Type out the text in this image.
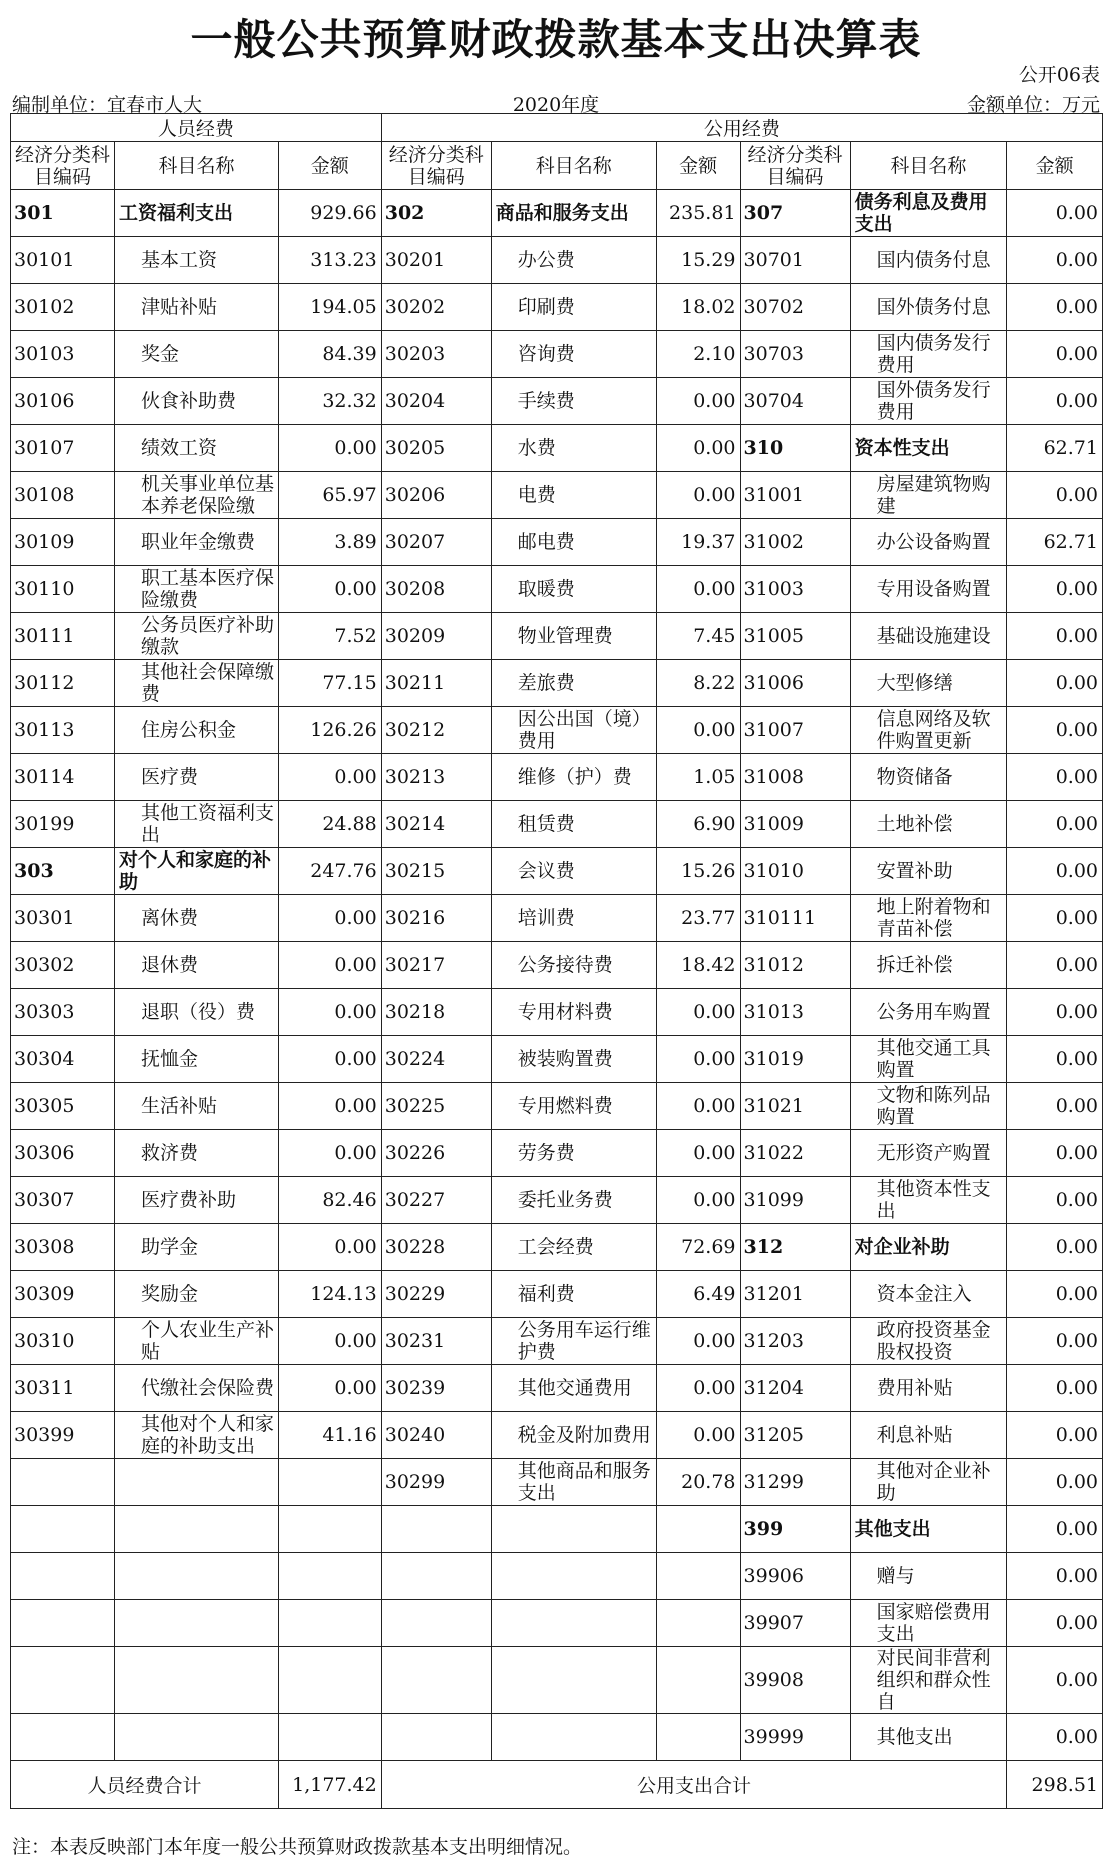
一般公共预算财政拨款基本支出决算表
公开06表
编制单位：宜春市人大	2020年度	金额单位：万元
人员经费			公用经费					
经济分类科目编码	科目名称	金额	经济分类科目编码	科目名称	金额	经济分类科目编码	科目名称	金额
301	工资福利支出	929.66	302	商品和服务支出	235.81	307	债务利息及费用支出	0.00
30101	基本工资	313.23	30201	办公费	15.29	30701	国内债务付息	0.00
30102	津贴补贴	194.05	30202	印刷费	18.02	30702	国外债务付息	0.00
30103	奖金	84.39	30203	咨询费	2.10	30703	国内债务发行费用	0.00
30106	伙食补助费	32.32	30204	手续费	0.00	30704	国外债务发行费用	0.00
30107	绩效工资	0.00	30205	水费	0.00	310	资本性支出	62.71
30108	机关事业单位基本养老保险缴	65.97	30206	电费	0.00	31001	房屋建筑物购建	0.00
30109	职业年金缴费	3.89	30207	邮电费	19.37	31002	办公设备购置	62.71
30110	职工基本医疗保险缴费	0.00	30208	取暖费	0.00	31003	专用设备购置	0.00
30111	公务员医疗补助缴款	7.52	30209	物业管理费	7.45	31005	基础设施建设	0.00
30112	其他社会保障缴费	77.15	30211	差旅费	8.22	31006	大型修缮	0.00
30113	住房公积金	126.26	30212	因公出国（境）费用	0.00	31007	信息网络及软件购置更新	0.00
30114	医疗费	0.00	30213	维修（护）费	1.05	31008	物资储备	0.00
30199	其他工资福利支出	24.88	30214	租赁费	6.90	31009	土地补偿	0.00
303	对个人和家庭的补助	247.76	30215	会议费	15.26	31010	安置补助	0.00
30301	离休费	0.00	30216	培训费	23.77	310111	地上附着物和青苗补偿	0.00
30302	退休费	0.00	30217	公务接待费	18.42	31012	拆迁补偿	0.00
30303	退职（役）费	0.00	30218	专用材料费	0.00	31013	公务用车购置	0.00
30304	抚恤金	0.00	30224	被装购置费	0.00	31019	其他交通工具购置	0.00
30305	生活补贴	0.00	30225	专用燃料费	0.00	31021	文物和陈列品购置	0.00
30306	救济费	0.00	30226	劳务费	0.00	31022	无形资产购置	0.00
30307	医疗费补助	82.46	30227	委托业务费	0.00	31099	其他资本性支出	0.00
30308	助学金	0.00	30228	工会经费	72.69	312	对企业补助	0.00
30309	奖励金	124.13	30229	福利费	6.49	31201	资本金注入	0.00
30310	个人农业生产补贴	0.00	30231	公务用车运行维护费	0.00	31203	政府投资基金股权投资	0.00
30311	代缴社会保险费	0.00	30239	其他交通费用	0.00	31204	费用补贴	0.00
30399	其他对个人和家庭的补助支出	41.16	30240	税金及附加费用	0.00	31205	利息补贴	0.00
			30299	其他商品和服务支出	20.78	31299	其他对企业补助	0.00
						399	其他支出	0.00
						39906	赠与	0.00
						39907	国家赔偿费用支出	0.00
						39908	对民间非营利组织和群众性自	0.00
						39999	其他支出	0.00
人员经费合计		1,177.42	公用支出合计					298.51
注：本表反映部门本年度一般公共预算财政拨款基本支出明细情况。
